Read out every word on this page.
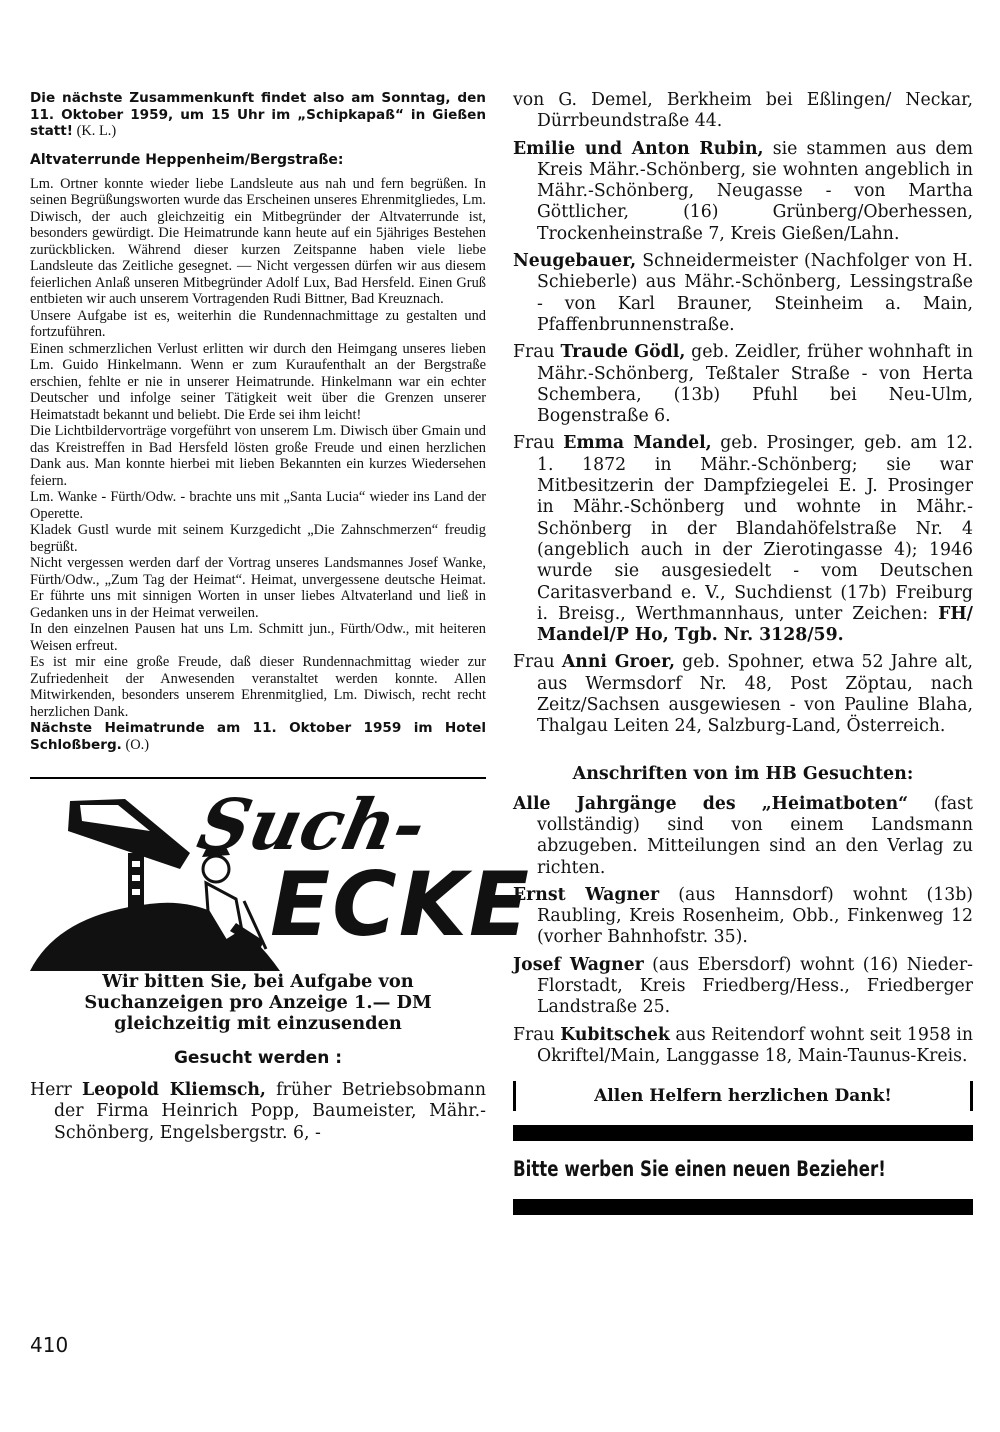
Die nächste Zusammenkunft findet also am Sonntag, den 11. Oktober 1959, um 15 Uhr im „Schipkapaß“ in Gießen statt! (K. L.)

Altvaterrunde Heppenheim/Bergstraße:

Lm. Ortner konnte wieder liebe Landsleute aus nah und fern begrüßen. In seinen Begrüßungsworten wurde das Erscheinen unseres Ehrenmitgliedes, Lm. Diwisch, der auch gleichzeitig ein Mitbegründer der Altvaterrunde ist, besonders gewürdigt. Die Heimatrunde kann heute auf ein 5jähriges Bestehen zurückblicken. Während dieser kurzen Zeitspanne haben viele liebe Landsleute das Zeitliche gesegnet. — Nicht vergessen dürfen wir aus diesem feierlichen Anlaß unseren Mitbegründer Adolf Lux, Bad Hersfeld. Einen Gruß entbieten wir auch unserem Vortragenden Rudi Bittner, Bad Kreuznach.

Unsere Aufgabe ist es, weiterhin die Rundennachmittage zu gestalten und fortzuführen.

Einen schmerzlichen Verlust erlitten wir durch den Heimgang unseres lieben Lm. Guido Hinkelmann. Wenn er zum Kuraufenthalt an der Bergstraße erschien, fehlte er nie in unserer Heimatrunde. Hinkelmann war ein echter Deutscher und infolge seiner Tätigkeit weit über die Grenzen unserer Heimatstadt bekannt und beliebt. Die Erde sei ihm leicht!

Die Lichtbildervorträge vorgeführt von unserem Lm. Diwisch über Gmain und das Kreistreffen in Bad Hersfeld lösten große Freude und einen herzlichen Dank aus. Man konnte hierbei mit lieben Bekannten ein kurzes Wiedersehen feiern.

Lm. Wanke - Fürth/Odw. - brachte uns mit „Santa Lucia“ wieder ins Land der Operette.

Kladek Gustl wurde mit seinem Kurzgedicht „Die Zahnschmerzen“ freudig begrüßt.

Nicht vergessen werden darf der Vortrag unseres Landsmannes Josef Wanke, Fürth/Odw., „Zum Tag der Heimat“. Heimat, unvergessene deutsche Heimat. Er führte uns mit sinnigen Worten in unser liebes Altvaterland und ließ in Gedanken uns in der Heimat verweilen.

In den einzelnen Pausen hat uns Lm. Schmitt jun., Fürth/Odw., mit heiteren Weisen erfreut.

Es ist mir eine große Freude, daß dieser Rundennachmittag wieder zur Zufriedenheit der Anwesenden veranstaltet werden konnte. Allen Mitwirkenden, besonders unserem Ehrenmitglied, Lm. Diwisch, recht recht herzlichen Dank.

Nächste Heimatrunde am 11. Oktober 1959 im Hotel Schloßberg. (O.)

Such-
ECKE

Wir bitten Sie, bei Aufgabe von Suchanzeigen pro Anzeige 1.— DM gleichzeitig mit einzusenden

Gesucht werden :

Herr Leopold Kliemsch, früher Betriebsobmann der Firma Heinrich Popp, Baumeister, Mähr.-Schönberg, Engelsbergstr. 6, -

410

von G. Demel, Berkheim bei Eßlingen/ Neckar, Dürrbeundstraße 44.

Emilie und Anton Rubin, sie stammen aus dem Kreis Mähr.-Schönberg, sie wohnten angeblich in Mähr.-Schönberg, Neugasse - von Martha Göttlicher, (16) Grünberg/Oberhessen, Trockenheinstraße 7, Kreis Gießen/Lahn.

Neugebauer, Schneidermeister (Nachfolger von H. Schieberle) aus Mähr.-Schönberg, Lessingstraße - von Karl Brauner, Steinheim a. Main, Pfaffenbrunnenstraße.

Frau Traude Gödl, geb. Zeidler, früher wohnhaft in Mähr.-Schönberg, Teßtaler Straße - von Herta Schembera, (13b) Pfuhl bei Neu-Ulm, Bogenstraße 6.

Frau Emma Mandel, geb. Prosinger, geb. am 12. 1. 1872 in Mähr.-Schönberg; sie war Mitbesitzerin der Dampfziegelei E. J. Prosinger in Mähr.-Schönberg und wohnte in Mähr.-Schönberg in der Blandahöfelstraße Nr. 4 (angeblich auch in der Zierotingasse 4); 1946 wurde sie ausgesiedelt - vom Deutschen Caritasverband e. V., Suchdienst (17b) Freiburg i. Breisg., Werthmannhaus, unter Zeichen: FH/ Mandel/P Ho, Tgb. Nr. 3128/59.

Frau Anni Groer, geb. Spohner, etwa 52 Jahre alt, aus Wermsdorf Nr. 48, Post Zöptau, nach Zeitz/Sachsen ausgewiesen - von Pauline Blaha, Thalgau Leiten 24, Salzburg-Land, Österreich.

Anschriften von im HB Gesuchten:

Alle Jahrgänge des „Heimatboten“ (fast vollständig) sind von einem Landsmann abzugeben. Mitteilungen sind an den Verlag zu richten.

Ernst Wagner (aus Hannsdorf) wohnt (13b) Raubling, Kreis Rosenheim, Obb., Finkenweg 12 (vorher Bahnhofstr. 35).

Josef Wagner (aus Ebersdorf) wohnt (16) Nieder-Florstadt, Kreis Friedberg/Hess., Friedberger Landstraße 25.

Frau Kubitschek aus Reitendorf wohnt seit 1958 in Okriftel/Main, Langgasse 18, Main-Taunus-Kreis.

Allen Helfern herzlichen Dank!
Bitte werben Sie einen neuen Bezieher!
